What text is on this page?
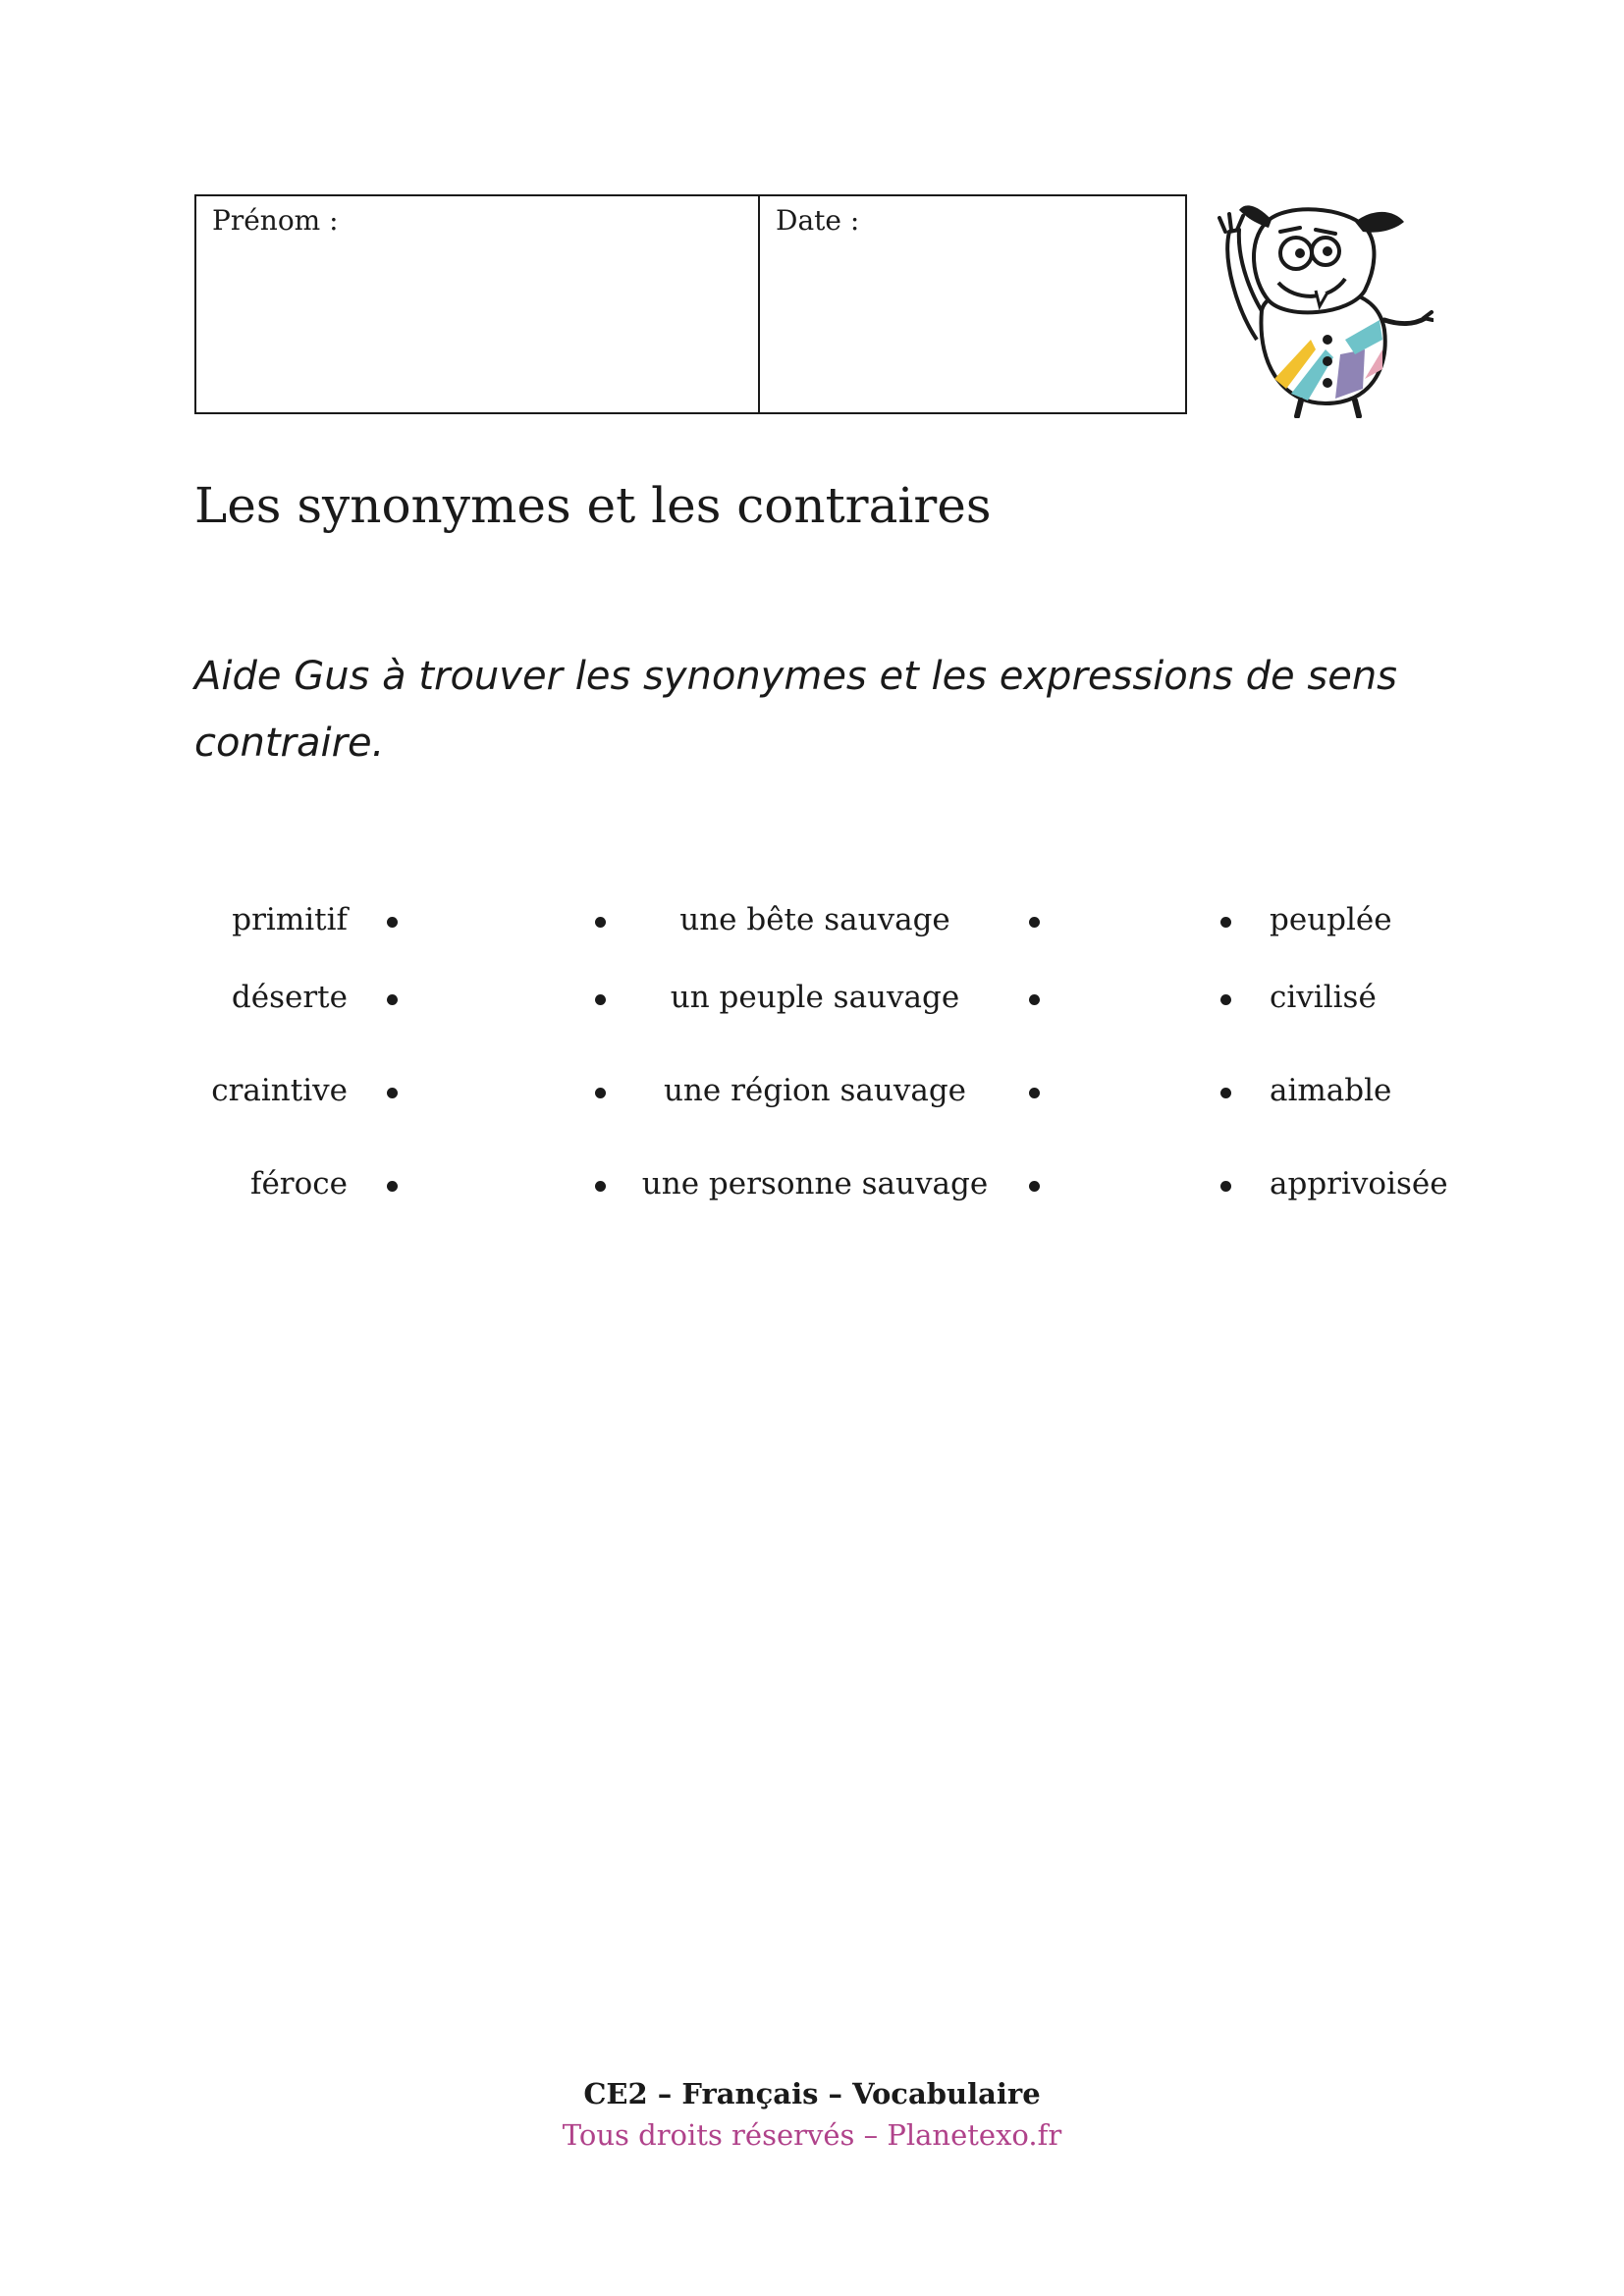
Prénom :	Date :
Les synonymes et les contraires

Aide Gus à trouver les synonymes et les expressions de sens contraire.

primitif	une bête sauvage	peuplée
déserte	un peuple sauvage	civilisé
craintive	une région sauvage	aimable
féroce	une personne sauvage	apprivoisée
CE2 – Français – Vocabulaire
Tous droits réservés – Planetexo.fr
